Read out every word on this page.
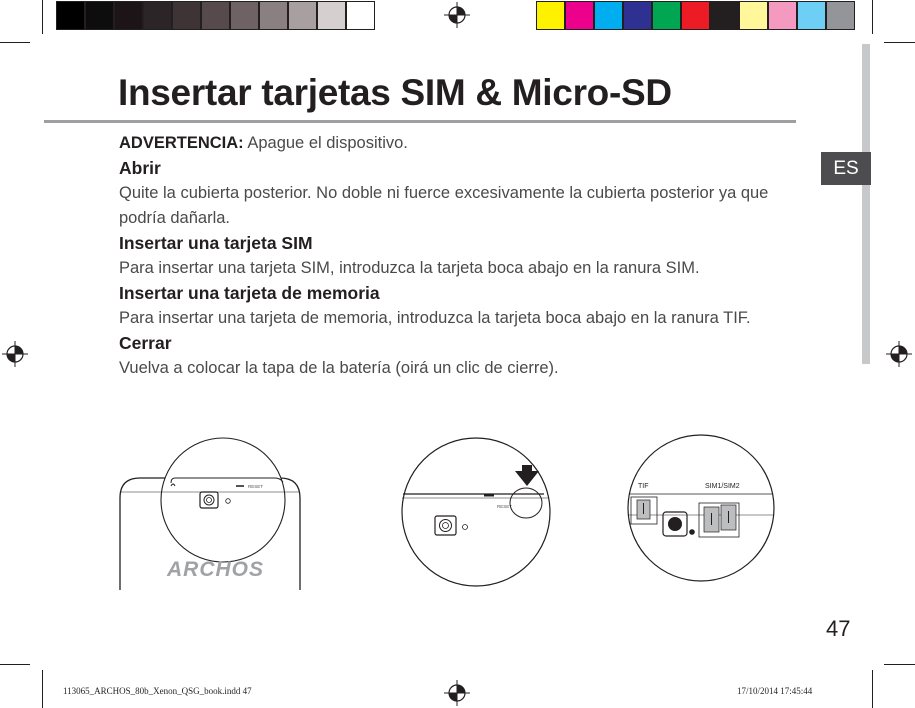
ES
Insertar tarjetas SIM & Micro-SD
ADVERTENCIA: Apague el dispositivo.
Abrir
Quite la cubierta posterior. No doble ni fuerce excesivamente la cubierta posterior ya que
podría dañarla.
Insertar una tarjeta SIM
Para insertar una tarjeta SIM, introduzca la tarjeta boca abajo en la ranura SIM.
Insertar una tarjeta de memoria
Para insertar una tarjeta de memoria, introduzca la tarjeta boca abajo en la ranura TIF.
Cerrar
Vuelva a colocar la tapa de la batería (oirá un clic de cierre).
RESET
ARCHOS
RESET
TIF	SIM1/SIM2
47
113065_ARCHOS_80b_Xenon_QSG_book.indd 47	17/10/2014 17:45:44
